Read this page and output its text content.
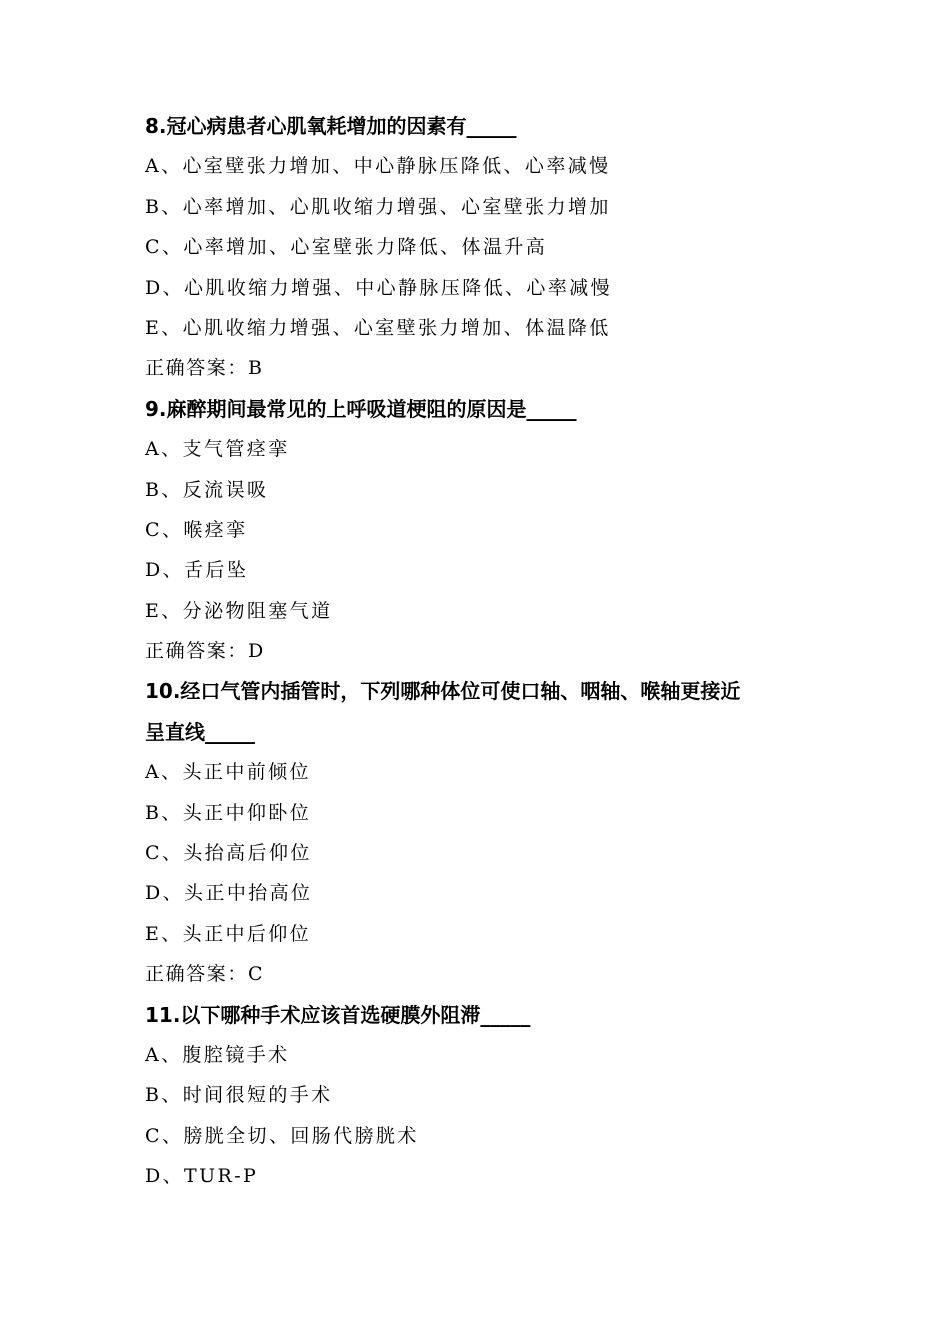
8.冠心病患者心肌氧耗增加的因素有_____
A、心室壁张力增加、中心静脉压降低、心率减慢
B、心率增加、心肌收缩力增强、心室壁张力增加
C、心率增加、心室壁张力降低、体温升高
D、心肌收缩力增强、中心静脉压降低、心率减慢
E、心肌收缩力增强、心室壁张力增加、体温降低
正确答案：B
9.麻醉期间最常见的上呼吸道梗阻的原因是_____
A、支气管痉挛
B、反流误吸
C、喉痉挛
D、舌后坠
E、分泌物阻塞气道
正确答案：D
10.经口气管内插管时，下列哪种体位可使口轴、咽轴、喉轴更接近
呈直线_____
A、头正中前倾位
B、头正中仰卧位
C、头抬高后仰位
D、头正中抬高位
E、头正中后仰位
正确答案：C
11.以下哪种手术应该首选硬膜外阻滞_____
A、腹腔镜手术
B、时间很短的手术
C、膀胱全切、回肠代膀胱术
D、TUR-P
